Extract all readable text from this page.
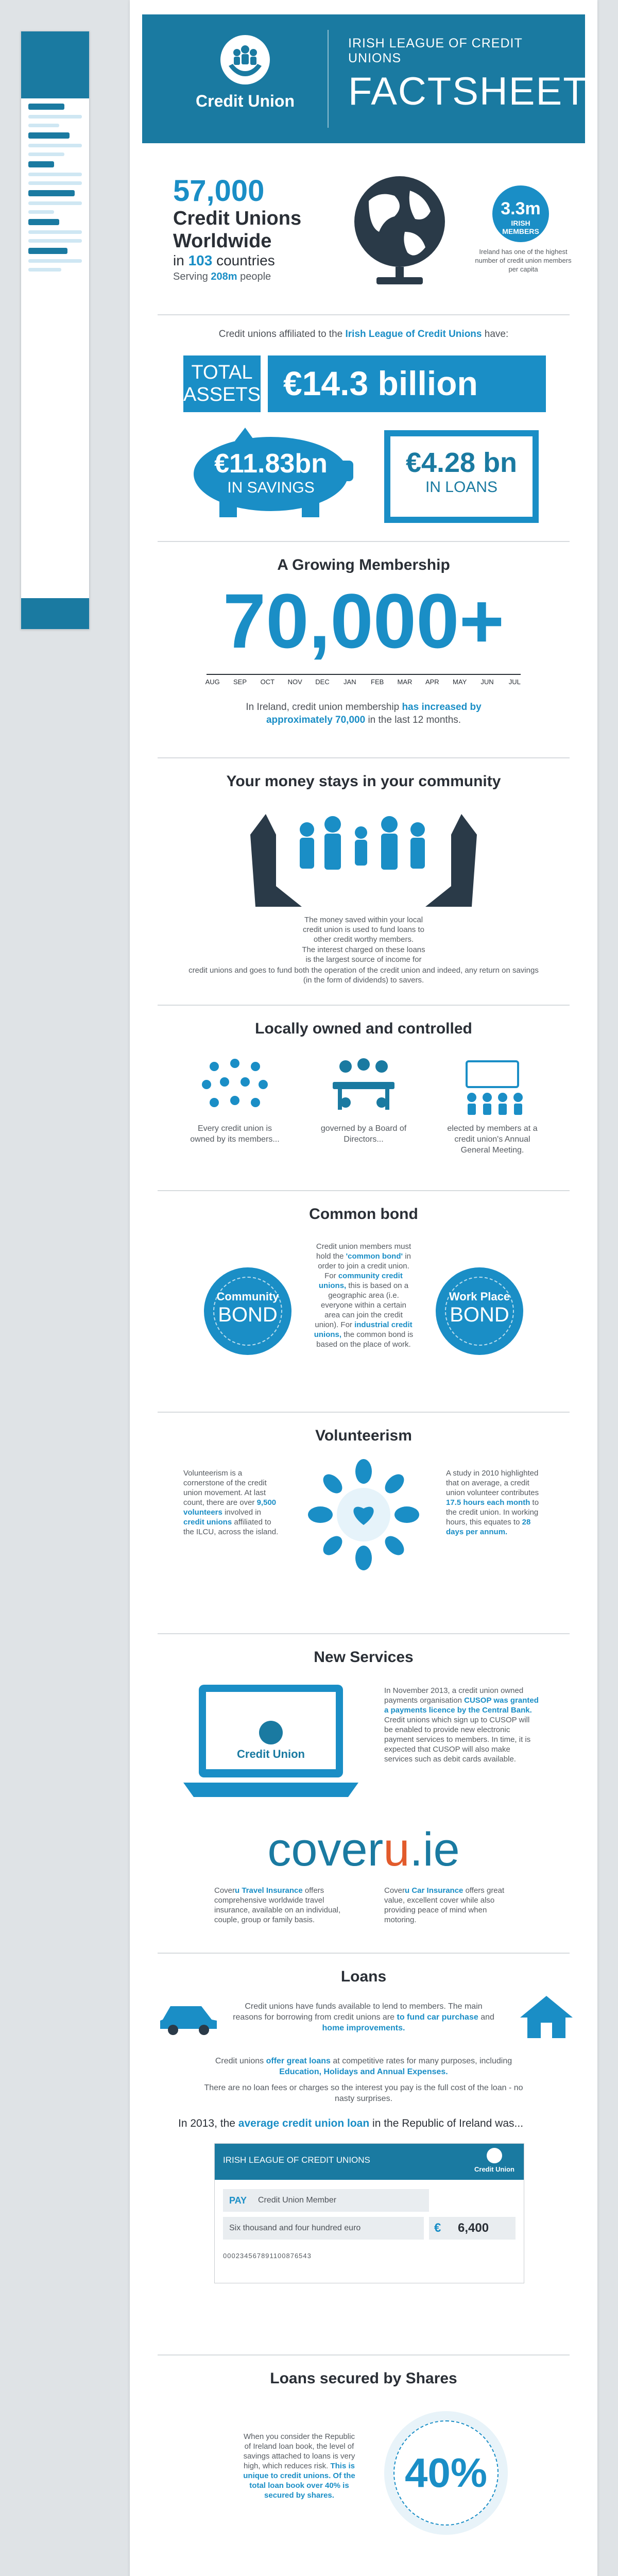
Credit Union
IRISH LEAGUE OF CREDIT UNIONS
FACTSHEET
57,000
Credit Unions
Worldwide
in 103 countries
Serving 208m people
3.3m
IRISH MEMBERS
Ireland has one of the highest number of credit union members per capita
Credit unions affiliated to the Irish League of Credit Unions have:
TOTAL
ASSETS €14.3 billion
€11.83bn
IN SAVINGS
€4.28 bn
IN LOANS
A Growing Membership
70,000+
AUG	SEP	OCT	NOV	DEC	JAN	FEB	MAR	APR	MAY	JUN	JUL
In Ireland, credit union membership has increased by approximately 70,000 in the last 12 months.
Your money stays in your community
The money saved within your local credit union is used to fund loans to other credit worthy members.
The interest charged on these loans is the largest source of income for
credit unions and goes to fund both the operation of the credit union and indeed, any return on savings (in the form of dividends) to savers.
Locally owned and controlled
Every credit union is owned by its members...
governed by a Board of Directors...
elected by members at a credit union's Annual General Meeting.
Common bond
Community
BOND
Credit union members must hold the 'common bond' in order to join a credit union. For community credit unions, this is based on a geographic area (i.e. everyone within a certain area can join the credit union). For industrial credit unions, the common bond is based on the place of work.
Work Place
BOND
Volunteerism
Volunteerism is a cornerstone of the credit union movement. At last count, there are over 9,500 volunteers involved in credit unions affiliated to the ILCU, across the island.
A study in 2010 highlighted that on average, a credit union volunteer contributes 17.5 hours each month to the credit union. In working hours, this equates to 28 days per annum.
New Services
Credit Union
In November 2013, a credit union owned payments organisation CUSOP was granted a payments licence by the Central Bank. Credit unions which sign up to CUSOP will be enabled to provide new electronic payment services to members. In time, it is expected that CUSOP will also make services such as debit cards available.
coveru.ie
Coveru Travel Insurance offers comprehensive worldwide travel insurance, available on an individual, couple, group or family basis.
Coveru Car Insurance offers great value, excellent cover while also providing peace of mind when motoring.
Loans
Credit unions have funds available to lend to members. The main reasons for borrowing from credit unions are to fund car purchase and home improvements.
Credit unions offer great loans at competitive rates for many purposes, including Education, Holidays and Annual Expenses.
There are no loan fees or charges so the interest you pay is the full cost of the loan - no nasty surprises.
In 2013, the average credit union loan in the Republic of Ireland was...
IRISH LEAGUE OF CREDIT UNIONS
Credit Union
PAY Credit Union Member
Six thousand and four hundred euro	€ 6,400
000234567891100876543
Loans secured by Shares
When you consider the Republic of Ireland loan book, the level of savings attached to loans is very high, which reduces risk. This is unique to credit unions. Of the total loan book over 40% is secured by shares.	40%
